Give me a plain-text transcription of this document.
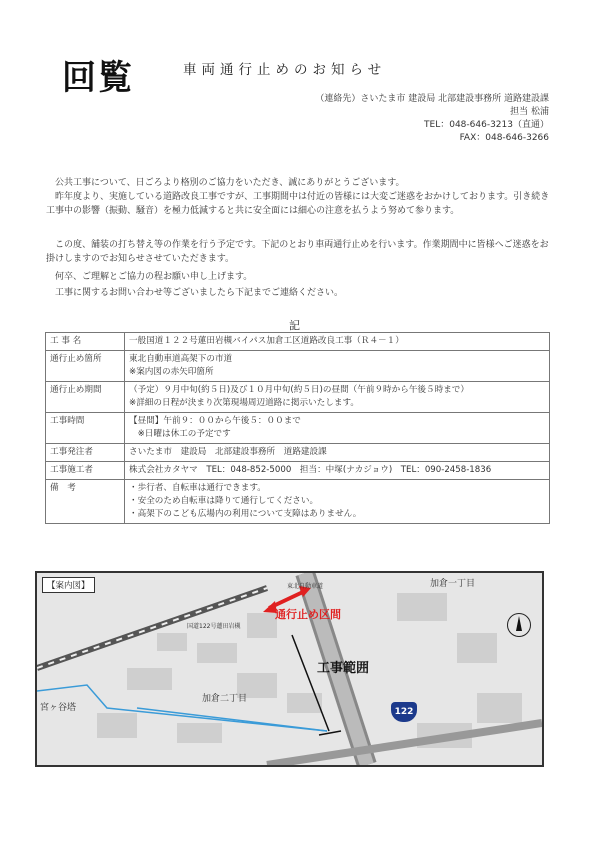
回覧	車両通行止めのお知らせ
（連絡先）さいたま市 建設局 北部建設事務所 道路建設課
担当 松浦
TEL：048-646-3213（直通）
FAX：048-646-3266
　公共工事について、日ごろより格別のご協力をいただき、誠にありがとうございます。
　昨年度より、実施している道路改良工事ですが、工事期間中は付近の皆様には大変ご迷惑をおかけしております。引き続き工事中の影響（振動、騒音）を極力低減すると共に安全面には細心の注意を払うよう努めて参ります。
　この度、舗装の打ち替え等の作業を行う予定です。下記のとおり車両通行止めを行います。作業期間中に皆様へご迷惑をお掛けしますのでお知らせさせていただきます。
　何卒、ご理解とご協力の程お願い申し上げます。
　工事に関するお問い合わせ等ございましたら下記までご連絡ください。
記
工 事 名	一般国道１２２号蓮田岩槻バイパス加倉工区道路改良工事（Ｒ４－１）

通行止め箇所	東北自動車道高架下の市道
※案内図の赤矢印箇所

通行止め期間	（予定）９月中旬(約５日)及び１０月中旬(約５日)の昼間（午前９時から午後５時まで）
※詳細の日程が決まり次第現場周辺道路に掲示いたします。

工事時間	【昼間】午前９：００から午後５：００まで
　※日曜は休工の予定です

工事発注者	さいたま市　建設局　北部建設事務所　道路建設課

工事施工者	株式会社カタヤマ　TEL：048-852-5000　担当：中塚(ナカジョウ)　TEL：090-2458-1836

備　考	・歩行者、自転車は通行できます。
・安全のため自転車は降りて通行してください。
・高架下のこども広場内の利用について支障はありません。
【案内図】	加倉一丁目
加倉二丁目
宮ヶ谷塔
東北自動車道
国道122号蓮田岩槻
通行止め区間
工事範囲
122
